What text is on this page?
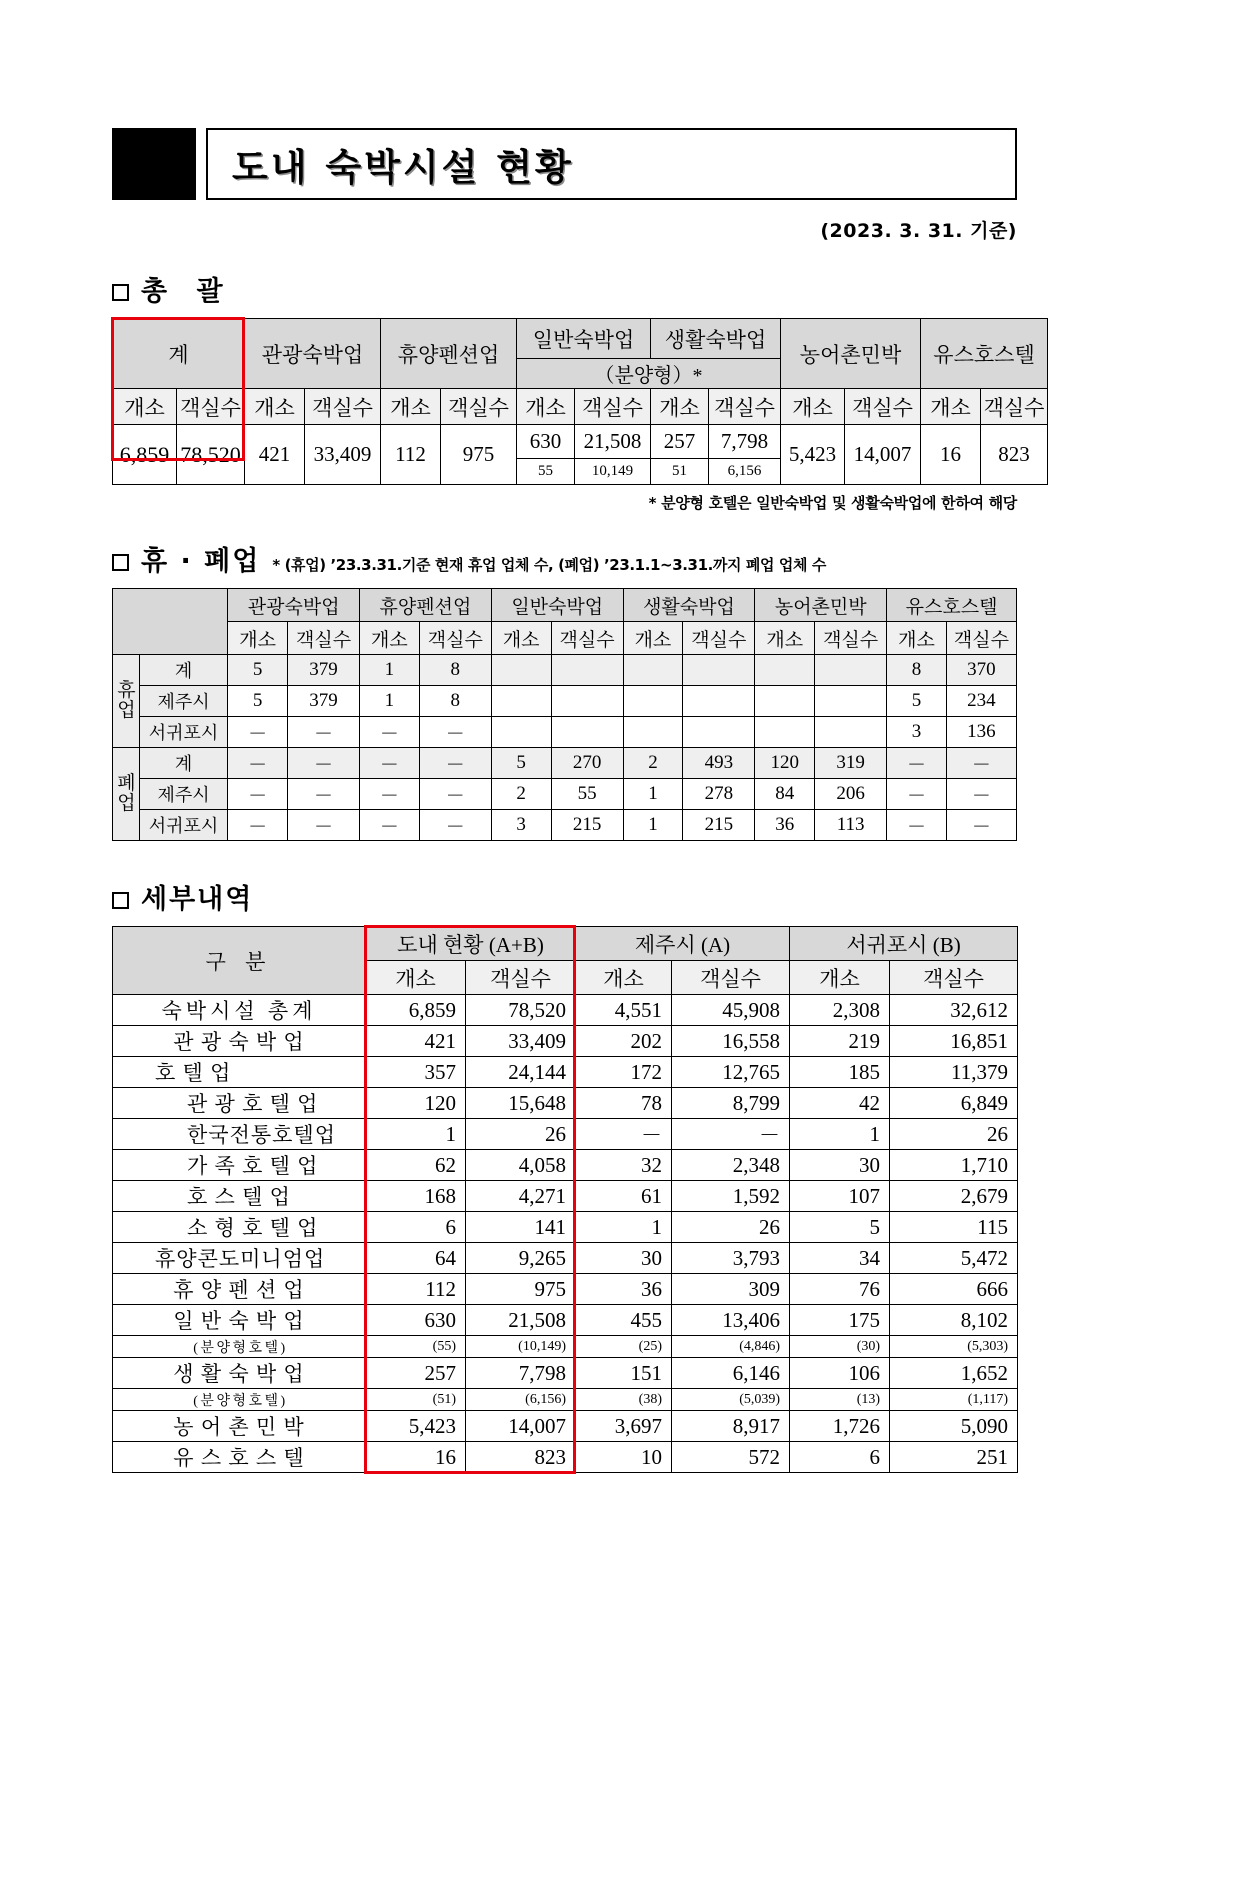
도내 숙박시설 현황
(2023. 3. 31. 기준)
총 괄
계		관광숙박업		휴양펜션업		일반숙박업		생활숙박업		농어촌민박		유스호스텔	
						（분양형）*							
개소	객실수	개소	객실수	개소	객실수	개소	객실수	개소	객실수	개소	객실수	개소	객실수
6,859	78,520	421	33,409	112	975	630	21,508	257	7,798	5,423	14,007	16	823
						55	10,149	51	6,156				
* 분양형 호텔은 일반숙박업 및 생활숙박업에 한하여 해당
휴 · 폐업 * (휴업) ’23.3.31.기준 현재 휴업 업체 수, (폐업) ’23.1.1~3.31.까지 폐업 업체 수
		관광숙박업		휴양펜션업		일반숙박업		생활숙박업		농어촌민박		유스호스텔	
		개소	객실수	개소	객실수	개소	객실수	개소	객실수	개소	객실수	개소	객실수
휴
업	계	5	379	1	8							8	370
	제주시	5	379	1	8							5	234
	서귀포시	－	－	－	－							3	136
폐
업	계	－	－	－	－	5	270	2	493	120	319	－	－
	제주시	－	－	－	－	2	55	1	278	84	206	－	－
	서귀포시	－	－	－	－	3	215	1	215	36	113	－	－
세부내역
구 분	도내 현황 (A+B)		제주시 (A)		서귀포시 (B)	
	개소	객실수	개소	객실수	개소	객실수
숙박시설 총계	6,859	78,520	4,551	45,908	2,308	32,612
관 광 숙 박 업	421	33,409	202	16,558	219	16,851
호 텔 업	357	24,144	172	12,765	185	11,379
관 광 호 텔 업	120	15,648	78	8,799	42	6,849
한국전통호텔업	1	26	－	－	1	26
가 족 호 텔 업	62	4,058	32	2,348	30	1,710
호 스 텔 업	168	4,271	61	1,592	107	2,679
소 형 호 텔 업	6	141	1	26	5	115
휴양콘도미니엄업	64	9,265	30	3,793	34	5,472
휴 양 펜 션 업	112	975	36	309	76	666
일 반 숙 박 업	630	21,508	455	13,406	175	8,102
( 분 양 형 호 텔 )	(55)	(10,149)	(25)	(4,846)	(30)	(5,303)
생 활 숙 박 업	257	7,798	151	6,146	106	1,652
( 분 양 형 호 텔 )	(51)	(6,156)	(38)	(5,039)	(13)	(1,117)
농 어 촌 민 박	5,423	14,007	3,697	8,917	1,726	5,090
유 스 호 스 텔	16	823	10	572	6	251
